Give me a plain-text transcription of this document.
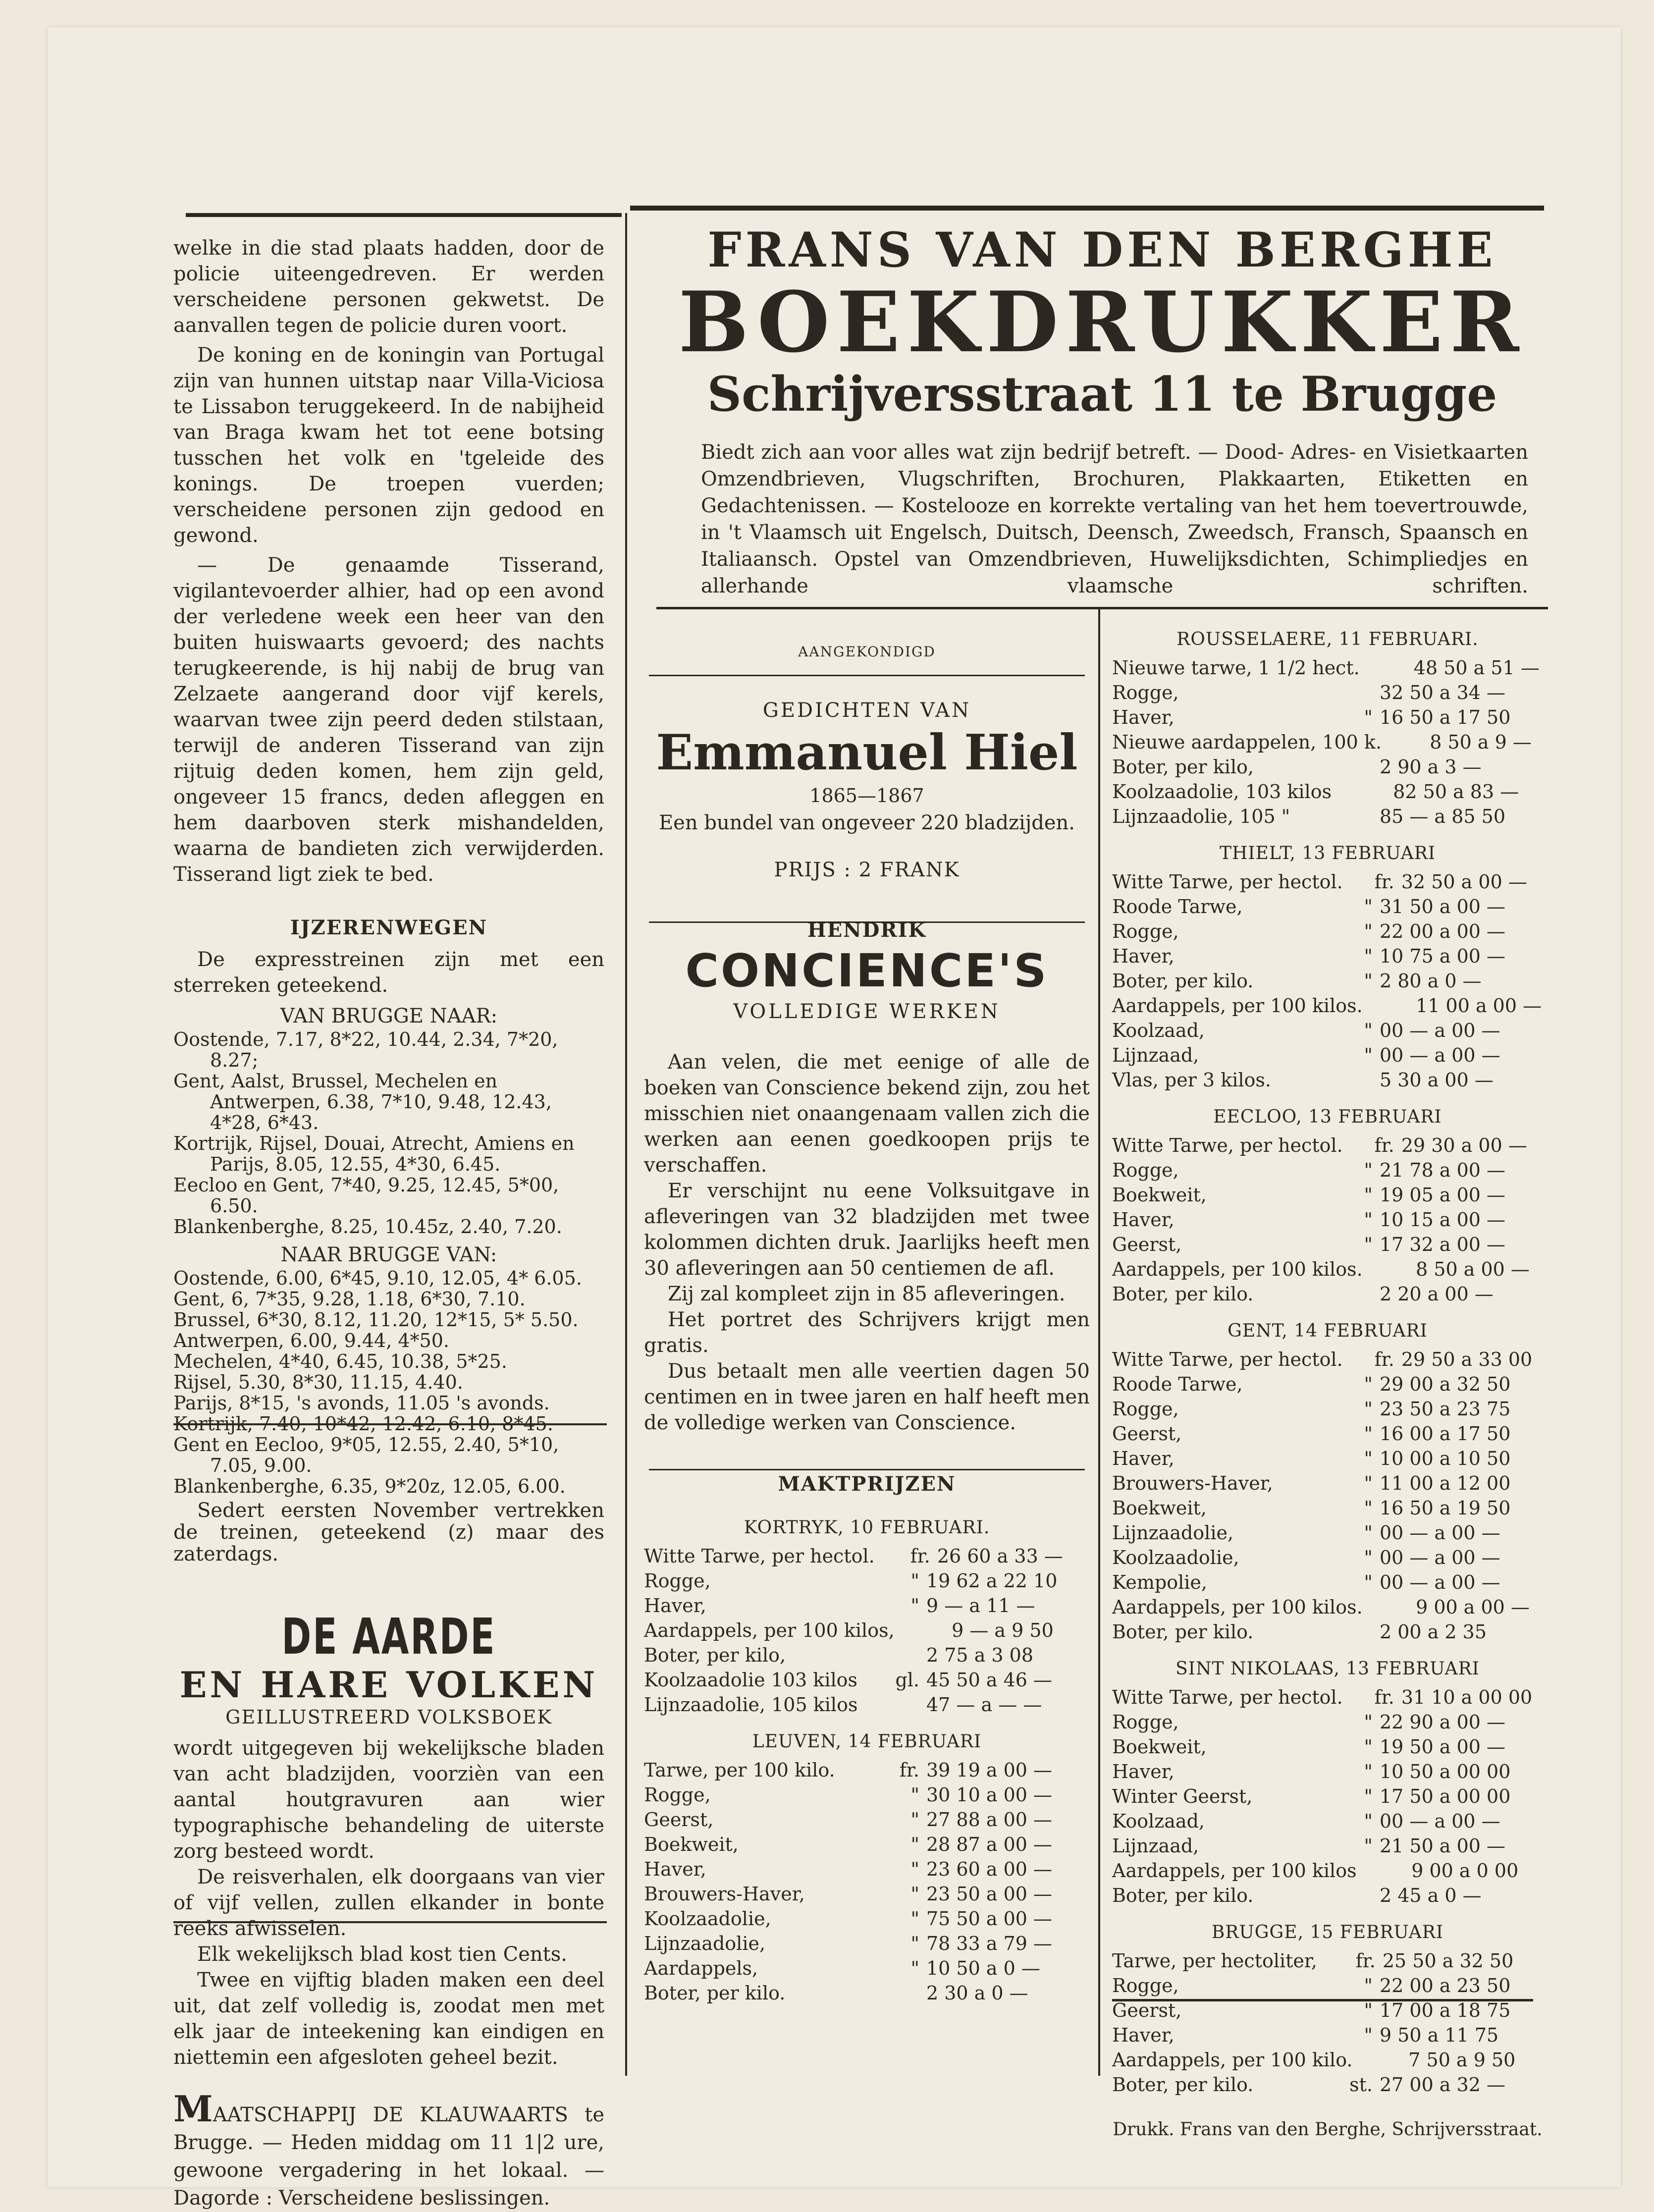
welke in die stad plaats hadden, door de policie uiteengedreven. Er werden verscheidene personen gekwetst. De aanvallen tegen de policie duren voort.

De koning en de koningin van Portugal zijn van hunnen uitstap naar Villa-Viciosa te Lissabon teruggekeerd. In de nabijheid van Braga kwam het tot eene botsing tusschen het volk en 'tgeleide des konings. De troepen vuerden; verscheidene personen zijn gedood en gewond.

— De genaamde Tisserand, vigilantevoerder alhier, had op een avond der verledene week een heer van den buiten huiswaarts gevoerd; des nachts terugkeerende, is hij nabij de brug van Zelzaete aangerand door vijf kerels, waarvan twee zijn peerd deden stilstaan, terwijl de anderen Tisserand van zijn rijtuig deden komen, hem zijn geld, ongeveer 15 francs, deden afleggen en hem daarboven sterk mishandelden, waarna de bandieten zich verwijderden. Tisserand ligt ziek te bed.

IJZERENWEGEN

De expresstreinen zijn met een sterreken geteekend.

VAN BRUGGE NAAR:
Oostende, 7.17, 8*22, 10.44, 2.34, 7*20, 8.27;
Gent, Aalst, Brussel, Mechelen en Antwerpen, 6.38, 7*10, 9.48, 12.43, 4*28, 6*43.
Kortrijk, Rijsel, Douai, Atrecht, Amiens en Parijs, 8.05, 12.55, 4*30, 6.45.
Eecloo en Gent, 7*40, 9.25, 12.45, 5*00, 6.50.
Blankenberghe, 8.25, 10.45z, 2.40, 7.20.
NAAR BRUGGE VAN:
Oostende, 6.00, 6*45, 9.10, 12.05, 4* 6.05.
Gent, 6, 7*35, 9.28, 1.18, 6*30, 7.10.
Brussel, 6*30, 8.12, 11.20, 12*15, 5* 5.50.
Antwerpen, 6.00, 9.44, 4*50.
Mechelen, 4*40, 6.45, 10.38, 5*25.
Rijsel, 5.30, 8*30, 11.15, 4.40.
Parijs, 8*15, 's avonds, 11.05 's avonds.
Kortrijk, 7.40, 10*42, 12.42, 6.10, 8*45.
Gent en Eecloo, 9*05, 12.55, 2.40, 5*10, 7.05, 9.00.
Blankenberghe, 6.35, 9*20z, 12.05, 6.00.

Sedert eersten November vertrekken de treinen, geteekend (z) maar des zaterdags.

DE AARDE
EN HARE VOLKEN
GEILLUSTREERD VOLKSBOEK

wordt uitgegeven bij wekelijksche bladen van acht bladzijden, voorzièn van een aantal houtgravuren aan wier typographische behandeling de uiterste zorg besteed wordt.

De reisverhalen, elk doorgaans van vier of vijf vellen, zullen elkander in bonte reeks afwisselen.

Elk wekelijksch blad kost tien Cents.

Twee en vijftig bladen maken een deel uit, dat zelf volledig is, zoodat men met elk jaar de inteekening kan eindigen en niettemin een afgesloten geheel bezit.

MAATSCHAPPIJ DE KLAUWAARTS te Brugge. — Heden middag om 11 1|2 ure, gewoone vergadering in het lokaal. — Dagorde : Verscheidene beslissingen.

FRANS VAN DEN BERGHE
BOEKDRUKKER
Schrijversstraat 11 te Brugge

Biedt zich aan voor alles wat zijn bedrijf betreft. — Dood- Adres- en Visietkaarten Omzendbrieven, Vlugschriften, Brochuren, Plakkaarten, Etiketten en Gedachtenissen. — Kostelooze en korrekte vertaling van het hem toevertrouwde, in 't Vlaamsch uit Engelsch, Duitsch, Deensch, Zweedsch, Fransch, Spaansch en Italiaansch. Opstel van Omzendbrieven, Huwelijksdichten, Schimpliedjes en allerhande vlaamsche schriften.

AANGEKONDIGD
GEDICHTEN VAN
Emmanuel Hiel
1865—1867
Een bundel van ongeveer 220 bladzijden.
PRIJS : 2 FRANK
HENDRIK
CONCIENCE'S
VOLLEDIGE WERKEN

Aan velen, die met eenige of alle de boeken van Conscience bekend zijn, zou het misschien niet onaangenaam vallen zich die werken aan eenen goedkoopen prijs te verschaffen.

Er verschijnt nu eene Volksuitgave in afleveringen van 32 bladzijden met twee kolommen dichten druk. Jaarlijks heeft men 30 afleveringen aan 50 centiemen de afl.

Zij zal kompleet zijn in 85 afleveringen.

Het portret des Schrijvers krijgt men gratis.

Dus betaalt men alle veertien dagen 50 centimen en in twee jaren en half heeft men de volledige werken van Conscience.

MAKTPRIJZEN
KORTRYK, 10 FEBRUARI.
Witte Tarwe, per hectol.	fr. 26 60 a 33 —
Rogge,	" 19 62 a 22 10
Haver,	" 9 — a 11 —
Aardappels, per 100 kilos,	9 — a 9 50
Boter, per kilo,	2 75 a 3 08
Koolzaadolie 103 kilos	gl. 45 50 a 46 —
Lijnzaadolie, 105 kilos	47 — a — —
LEUVEN, 14 FEBRUARI
Tarwe, per 100 kilo.	fr. 39 19 a 00 —
Rogge,	" 30 10 a 00 —
Geerst,	" 27 88 a 00 —
Boekweit,	" 28 87 a 00 —
Haver,	" 23 60 a 00 —
Brouwers-Haver,	" 23 50 a 00 —
Koolzaadolie,	" 75 50 a 00 —
Lijnzaadolie,	" 78 33 a 79 —
Aardappels,	" 10 50 a 0 —
Boter, per kilo.	2 30 a 0 —
ROUSSELAERE, 11 FEBRUARI.
Nieuwe tarwe, 1 1/2 hect.	48 50 a 51 —
Rogge,	32 50 a 34 —
Haver,	" 16 50 a 17 50
Nieuwe aardappelen, 100 k.	8 50 a 9 —
Boter, per kilo,	2 90 a 3 —
Koolzaadolie, 103 kilos	82 50 a 83 —
Lijnzaadolie, 105 "	85 — a 85 50
THIELT, 13 FEBRUARI
Witte Tarwe, per hectol.	fr. 32 50 a 00 —
Roode Tarwe,	" 31 50 a 00 —
Rogge,	" 22 00 a 00 —
Haver,	" 10 75 a 00 —
Boter, per kilo.	" 2 80 a 0 —
Aardappels, per 100 kilos.	11 00 a 00 —
Koolzaad,	" 00 — a 00 —
Lijnzaad,	" 00 — a 00 —
Vlas, per 3 kilos.	5 30 a 00 —
EECLOO, 13 FEBRUARI
Witte Tarwe, per hectol.	fr. 29 30 a 00 —
Rogge,	" 21 78 a 00 —
Boekweit,	" 19 05 a 00 —
Haver,	" 10 15 a 00 —
Geerst,	" 17 32 a 00 —
Aardappels, per 100 kilos.	8 50 a 00 —
Boter, per kilo.	2 20 a 00 —
GENT, 14 FEBRUARI
Witte Tarwe, per hectol.	fr. 29 50 a 33 00
Roode Tarwe,	" 29 00 a 32 50
Rogge,	" 23 50 a 23 75
Geerst,	" 16 00 a 17 50
Haver,	" 10 00 a 10 50
Brouwers-Haver,	" 11 00 a 12 00
Boekweit,	" 16 50 a 19 50
Lijnzaadolie,	" 00 — a 00 —
Koolzaadolie,	" 00 — a 00 —
Kempolie,	" 00 — a 00 —
Aardappels, per 100 kilos.	9 00 a 00 —
Boter, per kilo.	2 00 a 2 35
SINT NIKOLAAS, 13 FEBRUARI
Witte Tarwe, per hectol.	fr. 31 10 a 00 00
Rogge,	" 22 90 a 00 —
Boekweit,	" 19 50 a 00 —
Haver,	" 10 50 a 00 00
Winter Geerst,	" 17 50 a 00 00
Koolzaad,	" 00 — a 00 —
Lijnzaad,	" 21 50 a 00 —
Aardappels, per 100 kilos	9 00 a 0 00
Boter, per kilo.	2 45 a 0 —
BRUGGE, 15 FEBRUARI
Tarwe, per hectoliter,	fr. 25 50 a 32 50
Rogge,	" 22 00 a 23 50
Geerst,	" 17 00 a 18 75
Haver,	" 9 50 a 11 75
Aardappels, per 100 kilo.	7 50 a 9 50
Boter, per kilo.	st. 27 00 a 32 —
Drukk. Frans van den Berghe, Schrijversstraat.
